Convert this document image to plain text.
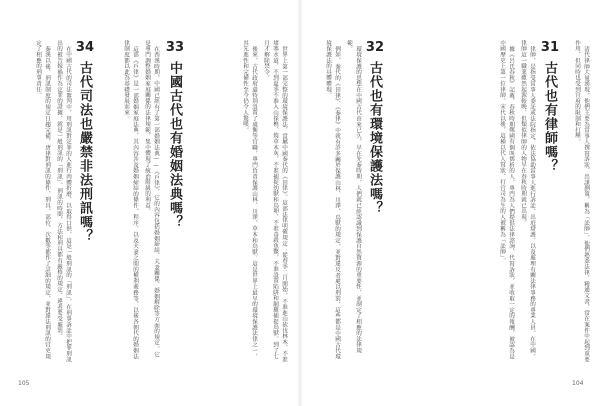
34
古代司法也嚴禁非法刑訊嗎？

在中國古代的司法審判中，用刑訊對定罪的人進行肉體折磨，以取得口供，這是一般刑訊的「刑訊」，在刑事訴訟中把罪刑訊出的被告嫁禍作為定罪的證據，就是一般刑訊的「刑訊」。刑訊的時間、方法和刑具都有嚴格的規定，違者要受處罰。

秦漢以後，刑訊制度的規定日趨完備，唐律對刑訊的條件、刑具、部位、次數等都作了詳細的規定，並對違法刑訊的官吏規定了相應的刑事責任。	33
中國古代也有婚姻法典嗎？

在西漢時期，中國已經有了第一部婚姻法典——《戶律》，它的內容包括婚姻締結、夫妻關係、婚姻解除等方面的規定。它是專門調整婚姻家庭關係的法律規範，集中體現了統治階級的利益。

這部《戶律》是一部婚姻家庭法典，其內容涉及婚姻締結的條件、程序，以及夫妻之間的權利義務等，以後各朝代的婚姻法律制度都以此為基礎發展而來。	世界上第一部完整的環境保護法，當屬中國秦代的《田律》。這部法律明確規定：從春季二月開始，不准進山砍伐林木，不准堵塞水道，不到夏季不准入山採樵、燒草木灰，不准捕捉幼獸和鳥卵，不准毒殺魚鱉，不准設置陷阱和網羅捕捉鳥獸。到了七月才解除禁令。

後來，古代政府還特別設置了虞衡等官職，專門負責保護山林、川澤、草木和鳥獸。這是世界上最早的環境保護法律之一，其先進性和完備性至今仍令人驚嘆。

105

環境保護的思想在中國古代由來已久，早在先秦時期，人們就已經認識到保護自然資源的重要性，並制定了相應的法律規範。

例如，秦代的《田律》、《秦律》中就有許多關於保護山林、川澤、鳥獸的規定，並對違反者處以刑罰，這些都是中國古代環境保護法的具體體現。	32
古代也有環境保護法嗎？	律師，是指受當事人委託或法院指定，依法協助當事人進行訴訟、出庭辯護，以及處理有關法律事務的專業人員。在中國，律師這一職業雖然起源較晚，但類似律師的人物早在春秋時期就已出現。

據《呂氏春秋》記載，春秋時期鄭國有個叫鄧析的人，專門為人們提供法律諮詢、代寫訴狀，並收取一定的報酬，被認為是中國歷史上第一位律師。宋代以後，這種以代人寫狀、打官司為生的人被稱為「訟師」。	31
古代也有律師嗎？	清代律師大量湧現，他們主要為當事人撰寫訴狀、出謀劃策，稱為「訟師」。他們熟悉法律，精通文書，常在案件中起到重要作用，但同時也受到官府的限制和打壓。

104
